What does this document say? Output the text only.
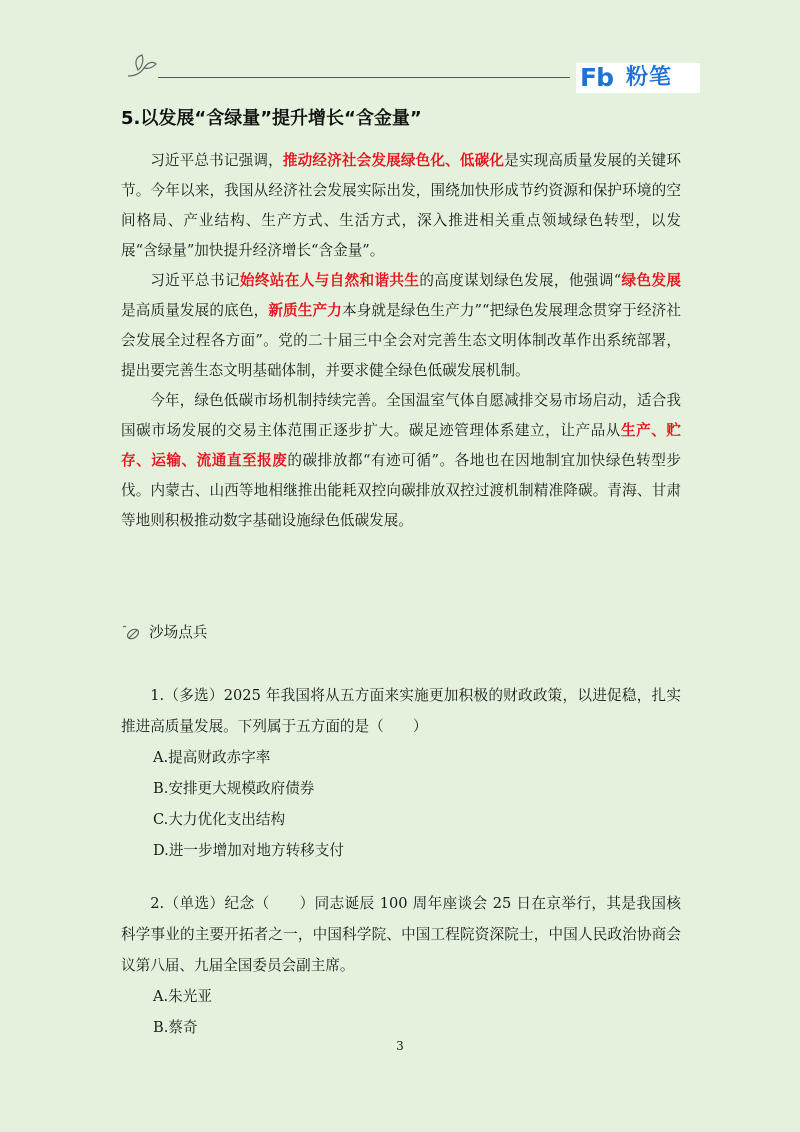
Fb 粉笔
5.以发展“含绿量”提升增长“含金量”

习近平总书记强调，推动经济社会发展绿色化、低碳化是实现高质量发展的关键环节。今年以来，我国从经济社会发展实际出发，围绕加快形成节约资源和保护环境的空间格局、产业结构、生产方式、生活方式，深入推进相关重点领域绿色转型，以发展“含绿量”加快提升经济增长“含金量”。

习近平总书记始终站在人与自然和谐共生的高度谋划绿色发展，他强调“绿色发展是高质量发展的底色，新质生产力本身就是绿色生产力”“把绿色发展理念贯穿于经济社会发展全过程各方面”。党的二十届三中全会对完善生态文明体制改革作出系统部署，提出要完善生态文明基础体制，并要求健全绿色低碳发展机制。

今年，绿色低碳市场机制持续完善。全国温室气体自愿减排交易市场启动，适合我国碳市场发展的交易主体范围正逐步扩大。碳足迹管理体系建立，让产品从生产、贮存、运输、流通直至报废的碳排放都“有迹可循”。各地也在因地制宜加快绿色转型步伐。内蒙古、山西等地相继推出能耗双控向碳排放双控过渡机制精准降碳。青海、甘肃等地则积极推动数字基础设施绿色低碳发展。

沙场点兵

1.（多选）2025 年我国将从五方面来实施更加积极的财政政策，以进促稳，扎实推进高质量发展。下列属于五方面的是（　　）

A.提高财政赤字率
B.安排更大规模政府债券
C.大力优化支出结构
D.进一步增加对地方转移支付

2.（单选）纪念（　　）同志诞辰 100 周年座谈会 25 日在京举行，其是我国核科学事业的主要开拓者之一，中国科学院、中国工程院资深院士，中国人民政治协商会议第八届、九届全国委员会副主席。

A.朱光亚
B.蔡奇
3
